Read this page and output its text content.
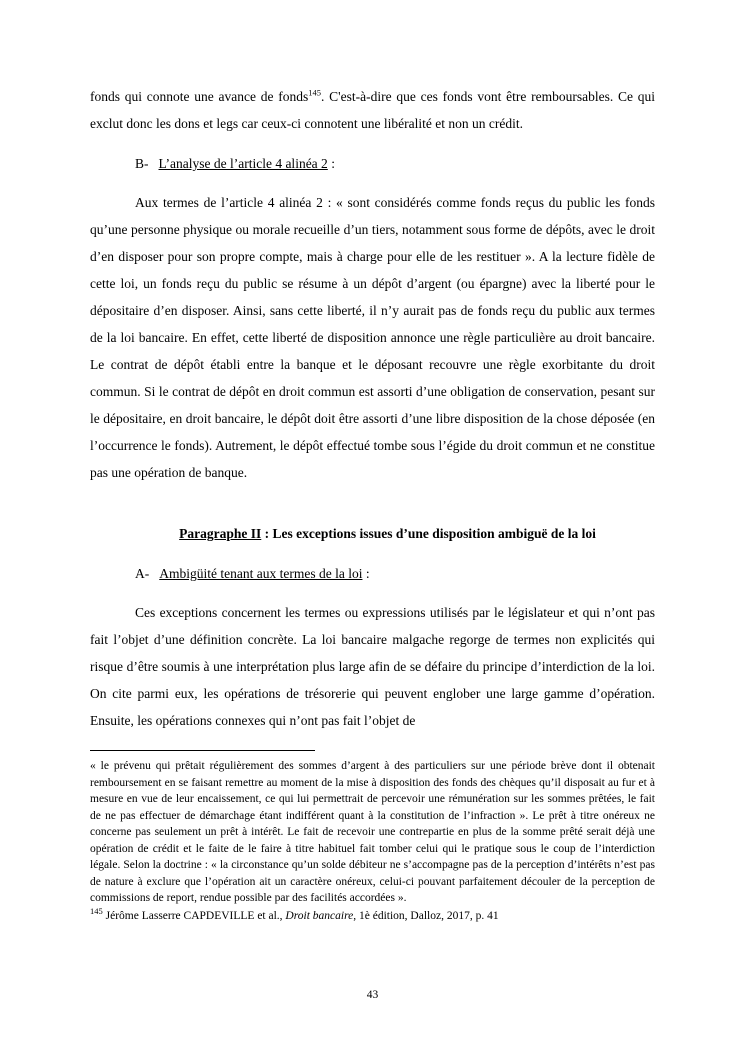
fonds qui connote une avance de fonds$^{145}$. C'est-à-dire que ces fonds vont être remboursables. Ce qui exclut donc les dons et legs car ceux-ci connotent une libéralité et non un crédit.

B- L’analyse de l’article 4 alinéa 2 :

Aux termes de l’article 4 alinéa 2 : « sont considérés comme fonds reçus du public les fonds qu’une personne physique ou morale recueille d’un tiers, notamment sous forme de dépôts, avec le droit d’en disposer pour son propre compte, mais à charge pour elle de les restituer ». A la lecture fidèle de cette loi, un fonds reçu du public se résume à un dépôt d’argent (ou épargne) avec la liberté pour le dépositaire d’en disposer. Ainsi, sans cette liberté, il n’y aurait pas de fonds reçu du public aux termes de la loi bancaire. En effet, cette liberté de disposition annonce une règle particulière au droit bancaire. Le contrat de dépôt établi entre la banque et le déposant recouvre une règle exorbitante du droit commun. Si le contrat de dépôt en droit commun est assorti d’une obligation de conservation, pesant sur le dépositaire, en droit bancaire, le dépôt doit être assorti d’une libre disposition de la chose déposée (en l’occurrence le fonds). Autrement, le dépôt effectué tombe sous l’égide du droit commun et ne constitue pas une opération de banque.

Paragraphe II : Les exceptions issues d’une disposition ambiguë de la loi

A- Ambigüité tenant aux termes de la loi :

Ces exceptions concernent les termes ou expressions utilisés par le législateur et qui n’ont pas fait l’objet d’une définition concrète. La loi bancaire malgache regorge de termes non explicités qui risque d’être soumis à une interprétation plus large afin de se défaire du principe d’interdiction de la loi. On cite parmi eux, les opérations de trésorerie qui peuvent englober une large gamme d’opération. Ensuite, les opérations connexes qui n’ont pas fait l’objet de

« le prévenu qui prêtait régulièrement des sommes d’argent à des particuliers sur une période brève dont il obtenait remboursement en se faisant remettre au moment de la mise à disposition des fonds des chèques qu’il disposait au fur et à mesure en vue de leur encaissement, ce qui lui permettrait de percevoir une rémunération sur les sommes prêtées, le fait de ne pas effectuer de démarchage étant indifférent quant à la constitution de l’infraction ». Le prêt à titre onéreux ne concerne pas seulement un prêt à intérêt. Le fait de recevoir une contrepartie en plus de la somme prêté serait déjà une opération de crédit et le faite de le faire à titre habituel fait tomber celui qui le pratique sous le coup de l’interdiction légale. Selon la doctrine : « la circonstance qu’un solde débiteur ne s’accompagne pas de la perception d’intérêts n’est pas de nature à exclure que l’opération ait un caractère onéreux, celui-ci pouvant parfaitement découler de la perception de commissions de report, rendue possible par des facilités accordées ».

$^{145}$ Jérôme Lasserre CAPDEVILLE et al., Droit bancaire, 1è édition, Dalloz, 2017, p. 41

43
